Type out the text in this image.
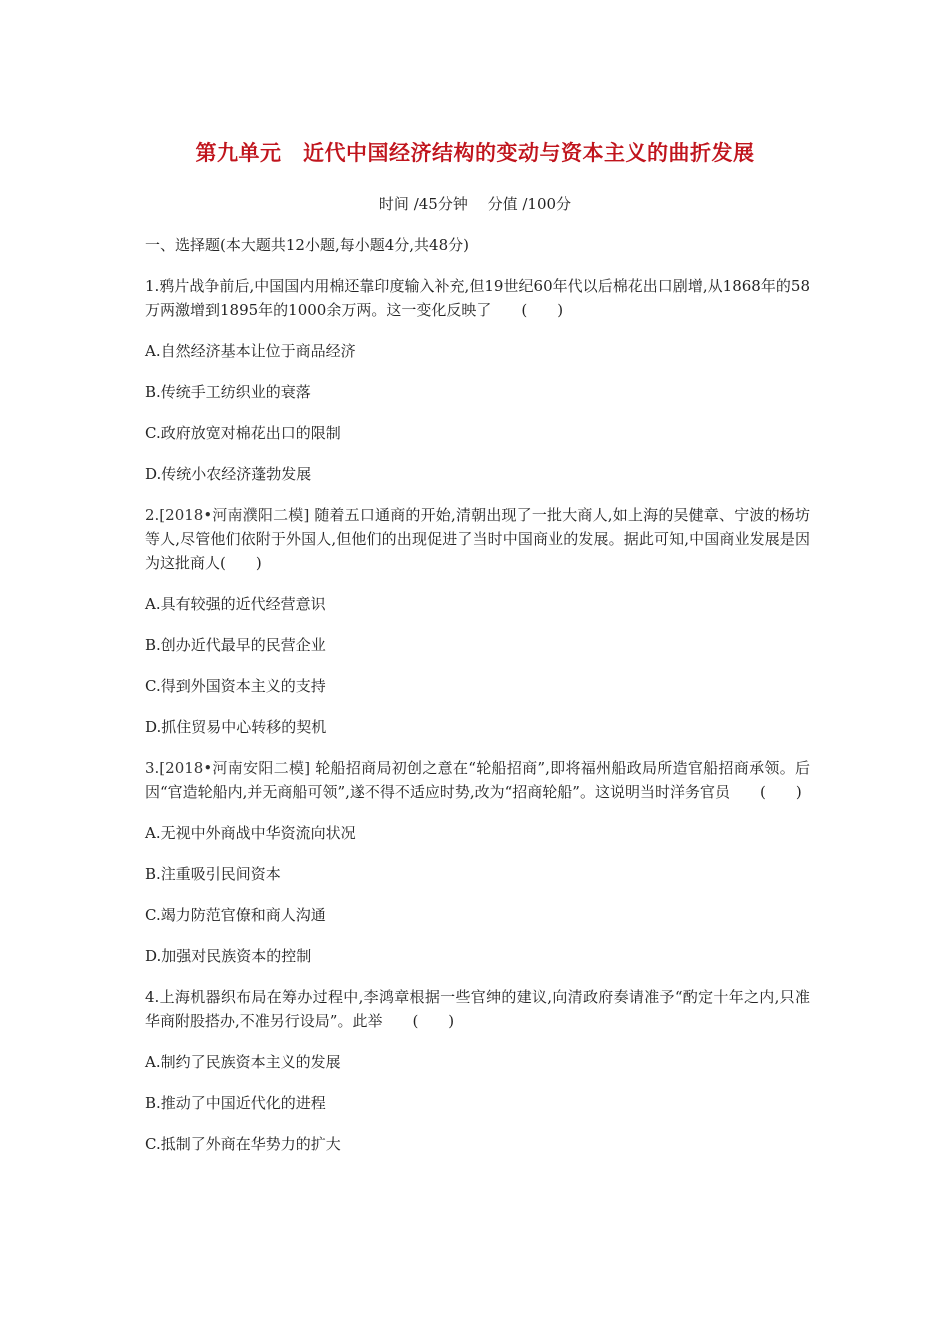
第九单元　近代中国经济结构的变动与资本主义的曲折发展
时间 /45分钟　 分值 /100分
一、选择题(本大题共12小题,每小题4分,共48分)
1.鸦片战争前后,中国国内用棉还靠印度输入补充,但19世纪60年代以后棉花出口剧增,从1868年的58万两激增到1895年的1000余万两。这一变化反映了　　(　　)
A.自然经济基本让位于商品经济
B.传统手工纺织业的衰落
C.政府放宽对棉花出口的限制
D.传统小农经济蓬勃发展
2.[2018•河南濮阳二模] 随着五口通商的开始,清朝出现了一批大商人,如上海的吴健章、宁波的杨坊等人,尽管他们依附于外国人,但他们的出现促进了当时中国商业的发展。据此可知,中国商业发展是因为这批商人(　　)
A.具有较强的近代经营意识
B.创办近代最早的民营企业
C.得到外国资本主义的支持
D.抓住贸易中心转移的契机
3.[2018•河南安阳二模] 轮船招商局初创之意在“轮船招商”,即将福州船政局所造官船招商承领。后因“官造轮船内,并无商船可领”,遂不得不适应时势,改为“招商轮船”。这说明当时洋务官员　　(　　)
A.无视中外商战中华资流向状况
B.注重吸引民间资本
C.竭力防范官僚和商人沟通
D.加强对民族资本的控制
4.上海机器织布局在筹办过程中,李鸿章根据一些官绅的建议,向清政府奏请准予“酌定十年之内,只准华商附股搭办,不准另行设局”。此举　　(　　)
A.制约了民族资本主义的发展
B.推动了中国近代化的进程
C.抵制了外商在华势力的扩大
